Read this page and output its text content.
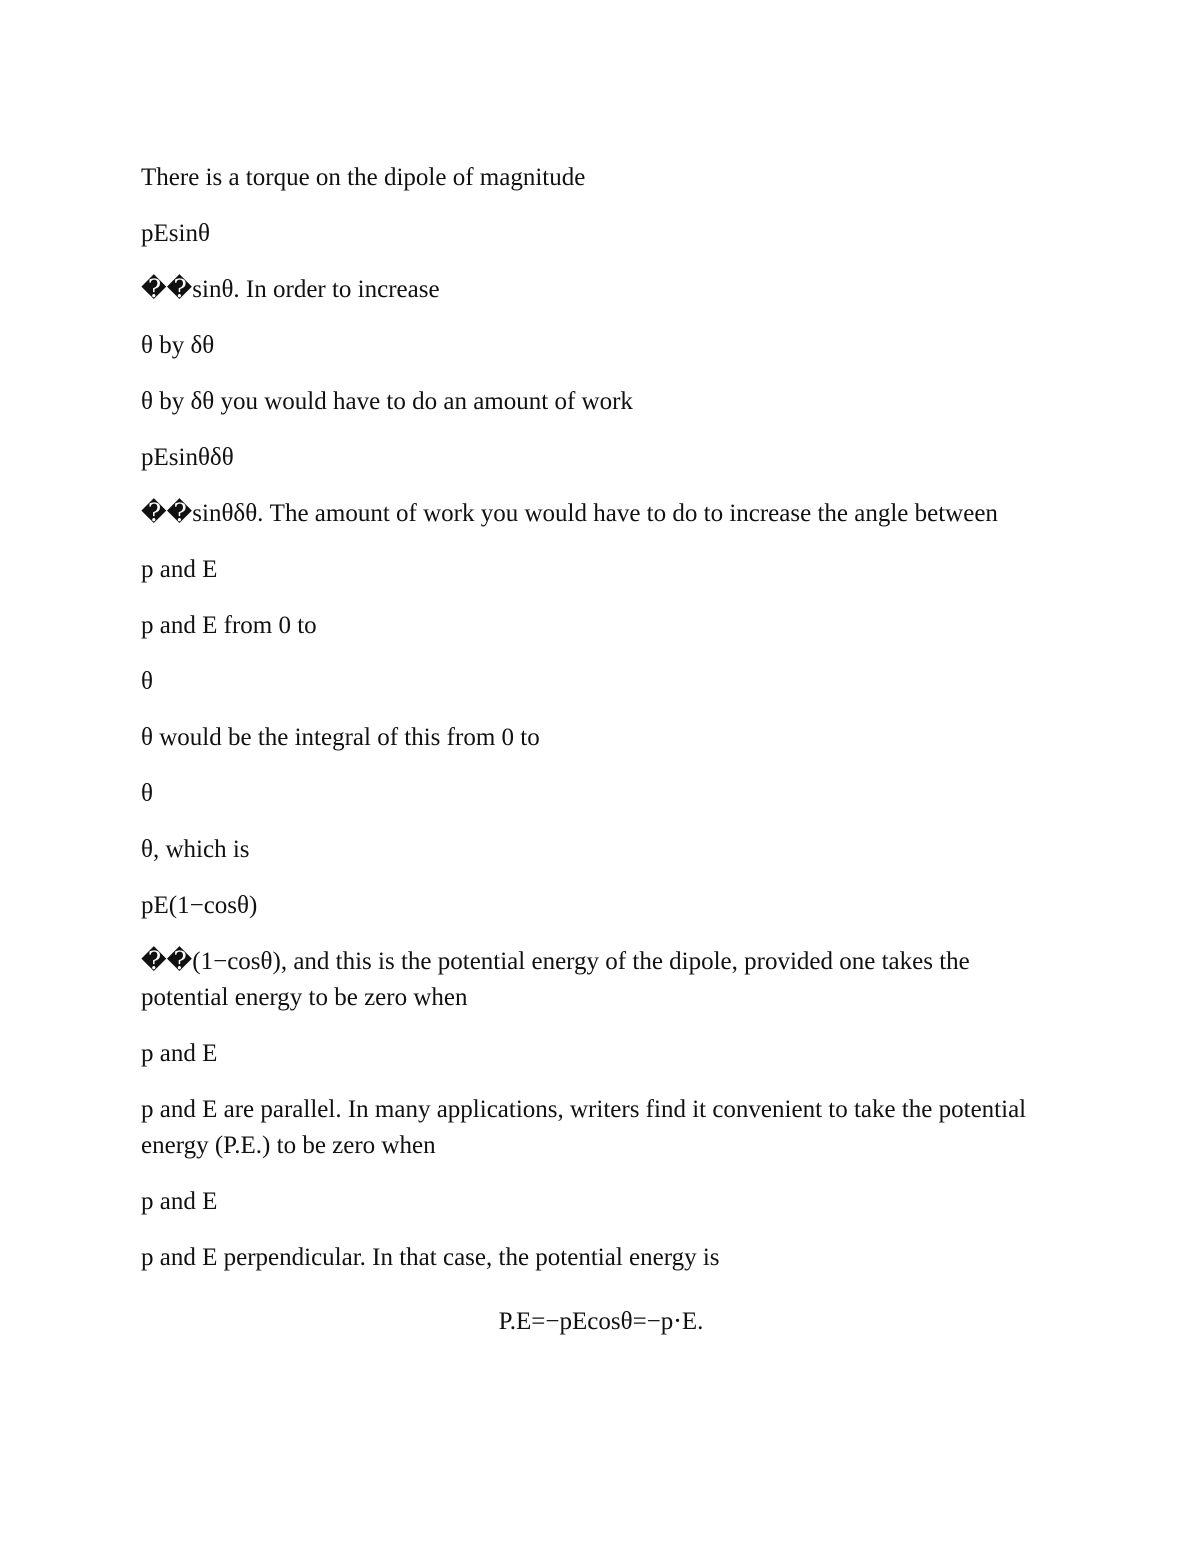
There is a torque on the dipole of magnitude

pEsinθ

��sinθ. In order to increase

θ by δθ

θ by δθ you would have to do an amount of work

pEsinθδθ

��sinθδθ. The amount of work you would have to do to increase the angle between

p and E

p and E from 0 to

θ

θ would be the integral of this from 0 to

θ

θ, which is

pE(1−cosθ)

��(1−cosθ), and this is the potential energy of the dipole, provided one takes the potential energy to be zero when

p and E

p and E are parallel. In many applications, writers find it convenient to take the potential energy (P.E.) to be zero when

p and E

p and E perpendicular. In that case, the potential energy is

P.E=−pEcosθ=−p⋅E.
